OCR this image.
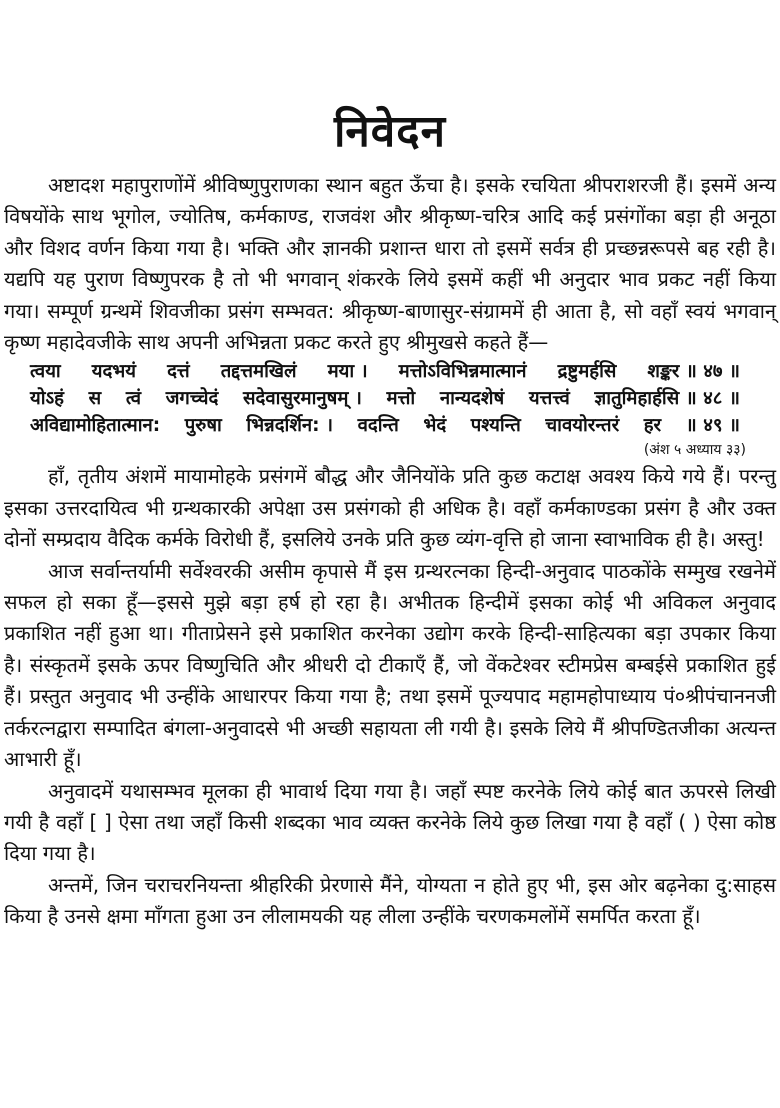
निवेदन

अष्टादश महापुराणोंमें श्रीविष्णुपुराणका स्थान बहुत ऊँचा है। इसके रचयिता श्रीपराशरजी हैं। इसमें अन्य विषयोंके साथ भूगोल, ज्योतिष, कर्मकाण्ड, राजवंश और श्रीकृष्ण-चरित्र आदि कई प्रसंगोंका बड़ा ही अनूठा और विशद वर्णन किया गया है। भक्ति और ज्ञानकी प्रशान्त धारा तो इसमें सर्वत्र ही प्रच्छन्नरूपसे बह रही है। यद्यपि यह पुराण विष्णुपरक है तो भी भगवान् शंकरके लिये इसमें कहीं भी अनुदार भाव प्रकट नहीं किया गया। सम्पूर्ण ग्रन्थमें शिवजीका प्रसंग सम्भवत: श्रीकृष्ण-बाणासुर-संग्राममें ही आता है, सो वहाँ स्वयं भगवान् कृष्ण महादेवजीके साथ अपनी अभिन्नता प्रकट करते हुए श्रीमुखसे कहते हैं—

त्वया यदभयं दत्तं तद्दत्तमखिलं मया । मत्तोऽविभिन्नमात्मानं द्रष्टुमर्हसि शङ्कर ॥ ४७ ॥
योऽहं स त्वं जगच्चेदं सदेवासुरमानुषम् । मत्तो नान्यदशेषं यत्तत्त्वं ज्ञातुमिहार्हसि ॥ ४८ ॥
अविद्यामोहितात्मान: पुरुषा भिन्नदर्शिन: । वदन्ति भेदं पश्यन्ति चावयोरन्तरं हर ॥ ४९ ॥
(अंश ५ अध्याय ३३)

हाँ, तृतीय अंशमें मायामोहके प्रसंगमें बौद्ध और जैनियोंके प्रति कुछ कटाक्ष अवश्य किये गये हैं। परन्तु इसका उत्तरदायित्व भी ग्रन्थकारकी अपेक्षा उस प्रसंगको ही अधिक है। वहाँ कर्मकाण्डका प्रसंग है और उक्त दोनों सम्प्रदाय वैदिक कर्मके विरोधी हैं, इसलिये उनके प्रति कुछ व्यंग-वृत्ति हो जाना स्वाभाविक ही है। अस्तु!

आज सर्वान्तर्यामी सर्वेश्वरकी असीम कृपासे मैं इस ग्रन्थरत्नका हिन्दी-अनुवाद पाठकोंके सम्मुख रखनेमें सफल हो सका हूँ—इससे मुझे बड़ा हर्ष हो रहा है। अभीतक हिन्दीमें इसका कोई भी अविकल अनुवाद प्रकाशित नहीं हुआ था। गीताप्रेसने इसे प्रकाशित करनेका उद्योग करके हिन्दी-साहित्यका बड़ा उपकार किया है। संस्कृतमें इसके ऊपर विष्णुचिति और श्रीधरी दो टीकाएँ हैं, जो वेंकटेश्वर स्टीमप्रेस बम्बईसे प्रकाशित हुई हैं। प्रस्तुत अनुवाद भी उन्हींके आधारपर किया गया है; तथा इसमें पूज्यपाद महामहोपाध्याय पं०श्रीपंचाननजी तर्करत्नद्वारा सम्पादित बंगला-अनुवादसे भी अच्छी सहायता ली गयी है। इसके लिये मैं श्रीपण्डितजीका अत्यन्त आभारी हूँ।

अनुवादमें यथासम्भव मूलका ही भावार्थ दिया गया है। जहाँ स्पष्ट करनेके लिये कोई बात ऊपरसे लिखी गयी है वहाँ [ ] ऐसा तथा जहाँ किसी शब्दका भाव व्यक्त करनेके लिये कुछ लिखा गया है वहाँ ( ) ऐसा कोष्ठ दिया गया है।

अन्तमें, जिन चराचरनियन्ता श्रीहरिकी प्रेरणासे मैंने, योग्यता न होते हुए भी, इस ओर बढ़नेका दु:साहस किया है उनसे क्षमा माँगता हुआ उन लीलामयकी यह लीला उन्हींके चरणकमलोंमें समर्पित करता हूँ।
